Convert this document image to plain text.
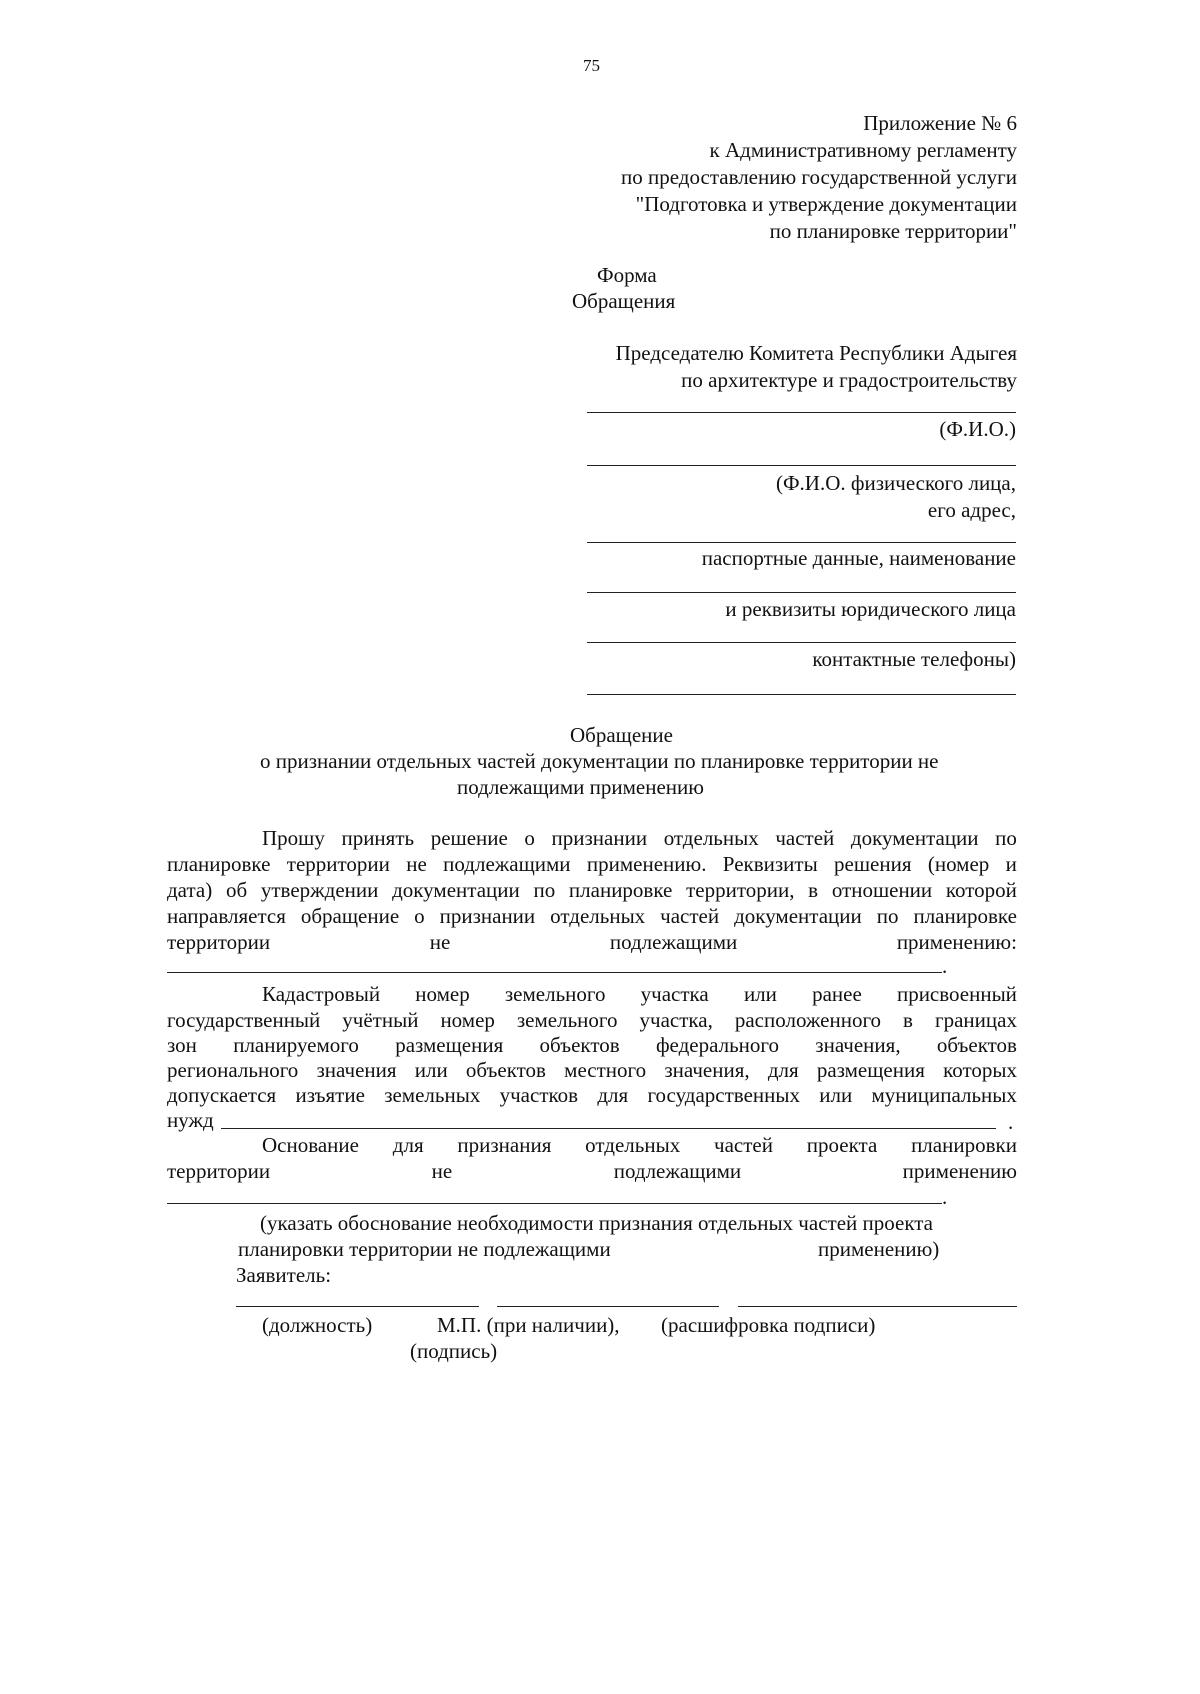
75
Приложение № 6
к Административному регламенту
по предоставлению государственной услуги
"Подготовка и утверждение документации
по планировке территории"
Форма
Обращения
Председателю Комитета Республики Адыгея
по архитектуре и градостроительству
(Ф.И.О.)
(Ф.И.О. физического лица,
его адрес,
паспортные данные, наименование
и реквизиты юридического лица
контактные телефоны)
Обращение
о признании отдельных частей документации по планировке территории не
подлежащими применению
Прошу принять решение о признании отдельных частей документации по
планировке территории не подлежащими применению. Реквизиты решения (номер и
дата) об утверждении документации по планировке территории, в отношении которой
направляется обращение о признании отдельных частей документации по планировке
территории	не	подлежащими	применению:
.
Кадастровый номер земельного участка или ранее присвоенный
государственный учётный номер земельного участка, расположенного в границах
зон планируемого размещения объектов федерального значения, объектов
регионального значения или объектов местного значения, для размещения которых
допускается изъятие земельных участков для государственных или муниципальных
нужд	.
Основание для признания отдельных частей проекта планировки
территории	не	подлежащими	применению
.
(указать обоснование необходимости признания отдельных частей проекта
планировки территории не подлежащими	применению)
Заявитель:
(должность)	М.П. (при наличии), (расшифровка подписи)
(подпись)
